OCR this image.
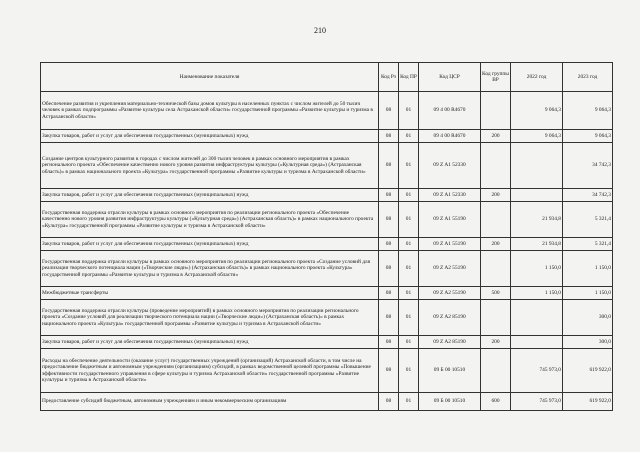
210
Наименование показателя	Код Рз	Код ПР	Код ЦСР	Код группы ВР	2022 год	2023 год
Обеспечение развития и укрепления материально-технической базы домов культуры в населенных пунктах с числом жителей до 50 тысяч человек в рамках подпрограммы «Развитие культуры села Астраханской области» государственной программы «Развитие культуры и туризма в Астраханской области»	08	01	09 4 00 R4670		9 064,3	9 064,3
Закупка товаров, работ и услуг для обеспечения государственных (муниципальных) нужд	08	01	09 4 00 R4670	200	9 064,3	9 064,3
Создание центров культурного развития в городах с числом жителей до 300 тысяч человек в рамках основного мероприятия в рамках регионального проекта «Обеспечение качественно нового уровня развития инфраструктуры культуры («Культурная среда») (Астраханская область)» в рамках национального проекта «Культура» государственной программы «Развитие культуры и туризма в Астраханской области»	08	01	09 Z A1 52330			34 742,3
Закупка товаров, работ и услуг для обеспечения государственных (муниципальных) нужд	08	01	09 Z A1 52330	200		34 742,3
Государственная поддержка отрасли культуры в рамках основного мероприятия по реализации регионального проекта «Обеспечение качественно нового уровня развития инфраструктуры культуры («Культурная среда») (Астраханская область)» в рамках национального проекта «Культура» государственной программы «Развитие культуры и туризма в Астраханской области»	08	01	09 Z A1 55190		21 934,8	5 321,4
Закупка товаров, работ и услуг для обеспечения государственных (муниципальных) нужд	08	01	09 Z A1 55190	200	21 934,8	5 321,4
Государственная поддержка отрасли культуры в рамках основного мероприятия по реализации регионального проекта «Создание условий для реализации творческого потенциала нации («Творческие люди») (Астраханская область)» в рамках национального проекта «Культура» государственной программы «Развитие культуры и туризма в Астраханской области»	08	01	09 Z A2 55190		1 150,0	1 150,0
Межбюджетные трансферты	08	01	09 Z A2 55190	500	1 150,0	1 150,0
Государственная поддержка отрасли культуры (проведение мероприятий) в рамках основного мероприятия по реализации регионального проекта «Создание условий для реализации творческого потенциала нации («Творческие люди») (Астраханская область)» в рамках национального проекта «Культура» государственной программы «Развитие культуры и туризма в Астраханской области»	08	01	09 Z A2 85190			300,0
Закупка товаров, работ и услуг для обеспечения государственных (муниципальных) нужд	08	01	09 Z A2 85190	200		300,0
Расходы на обеспечение деятельности (оказание услуг) государственных учреждений (организаций) Астраханской области, в том числе на предоставление бюджетным и автономным учреждениям (организациям) субсидий, в рамках ведомственной целевой программы «Повышение эффективности государственного управления в сфере культуры и туризма Астраханской области» государственной программы «Развитие культуры и туризма в Астраханской области»	08	01	09 Б 00 10510		745 973,0	619 922,0
Предоставление субсидий бюджетным, автономным учреждениям и иным некоммерческим организациям	08	01	09 Б 00 10510	600	745 973,0	619 922,0
